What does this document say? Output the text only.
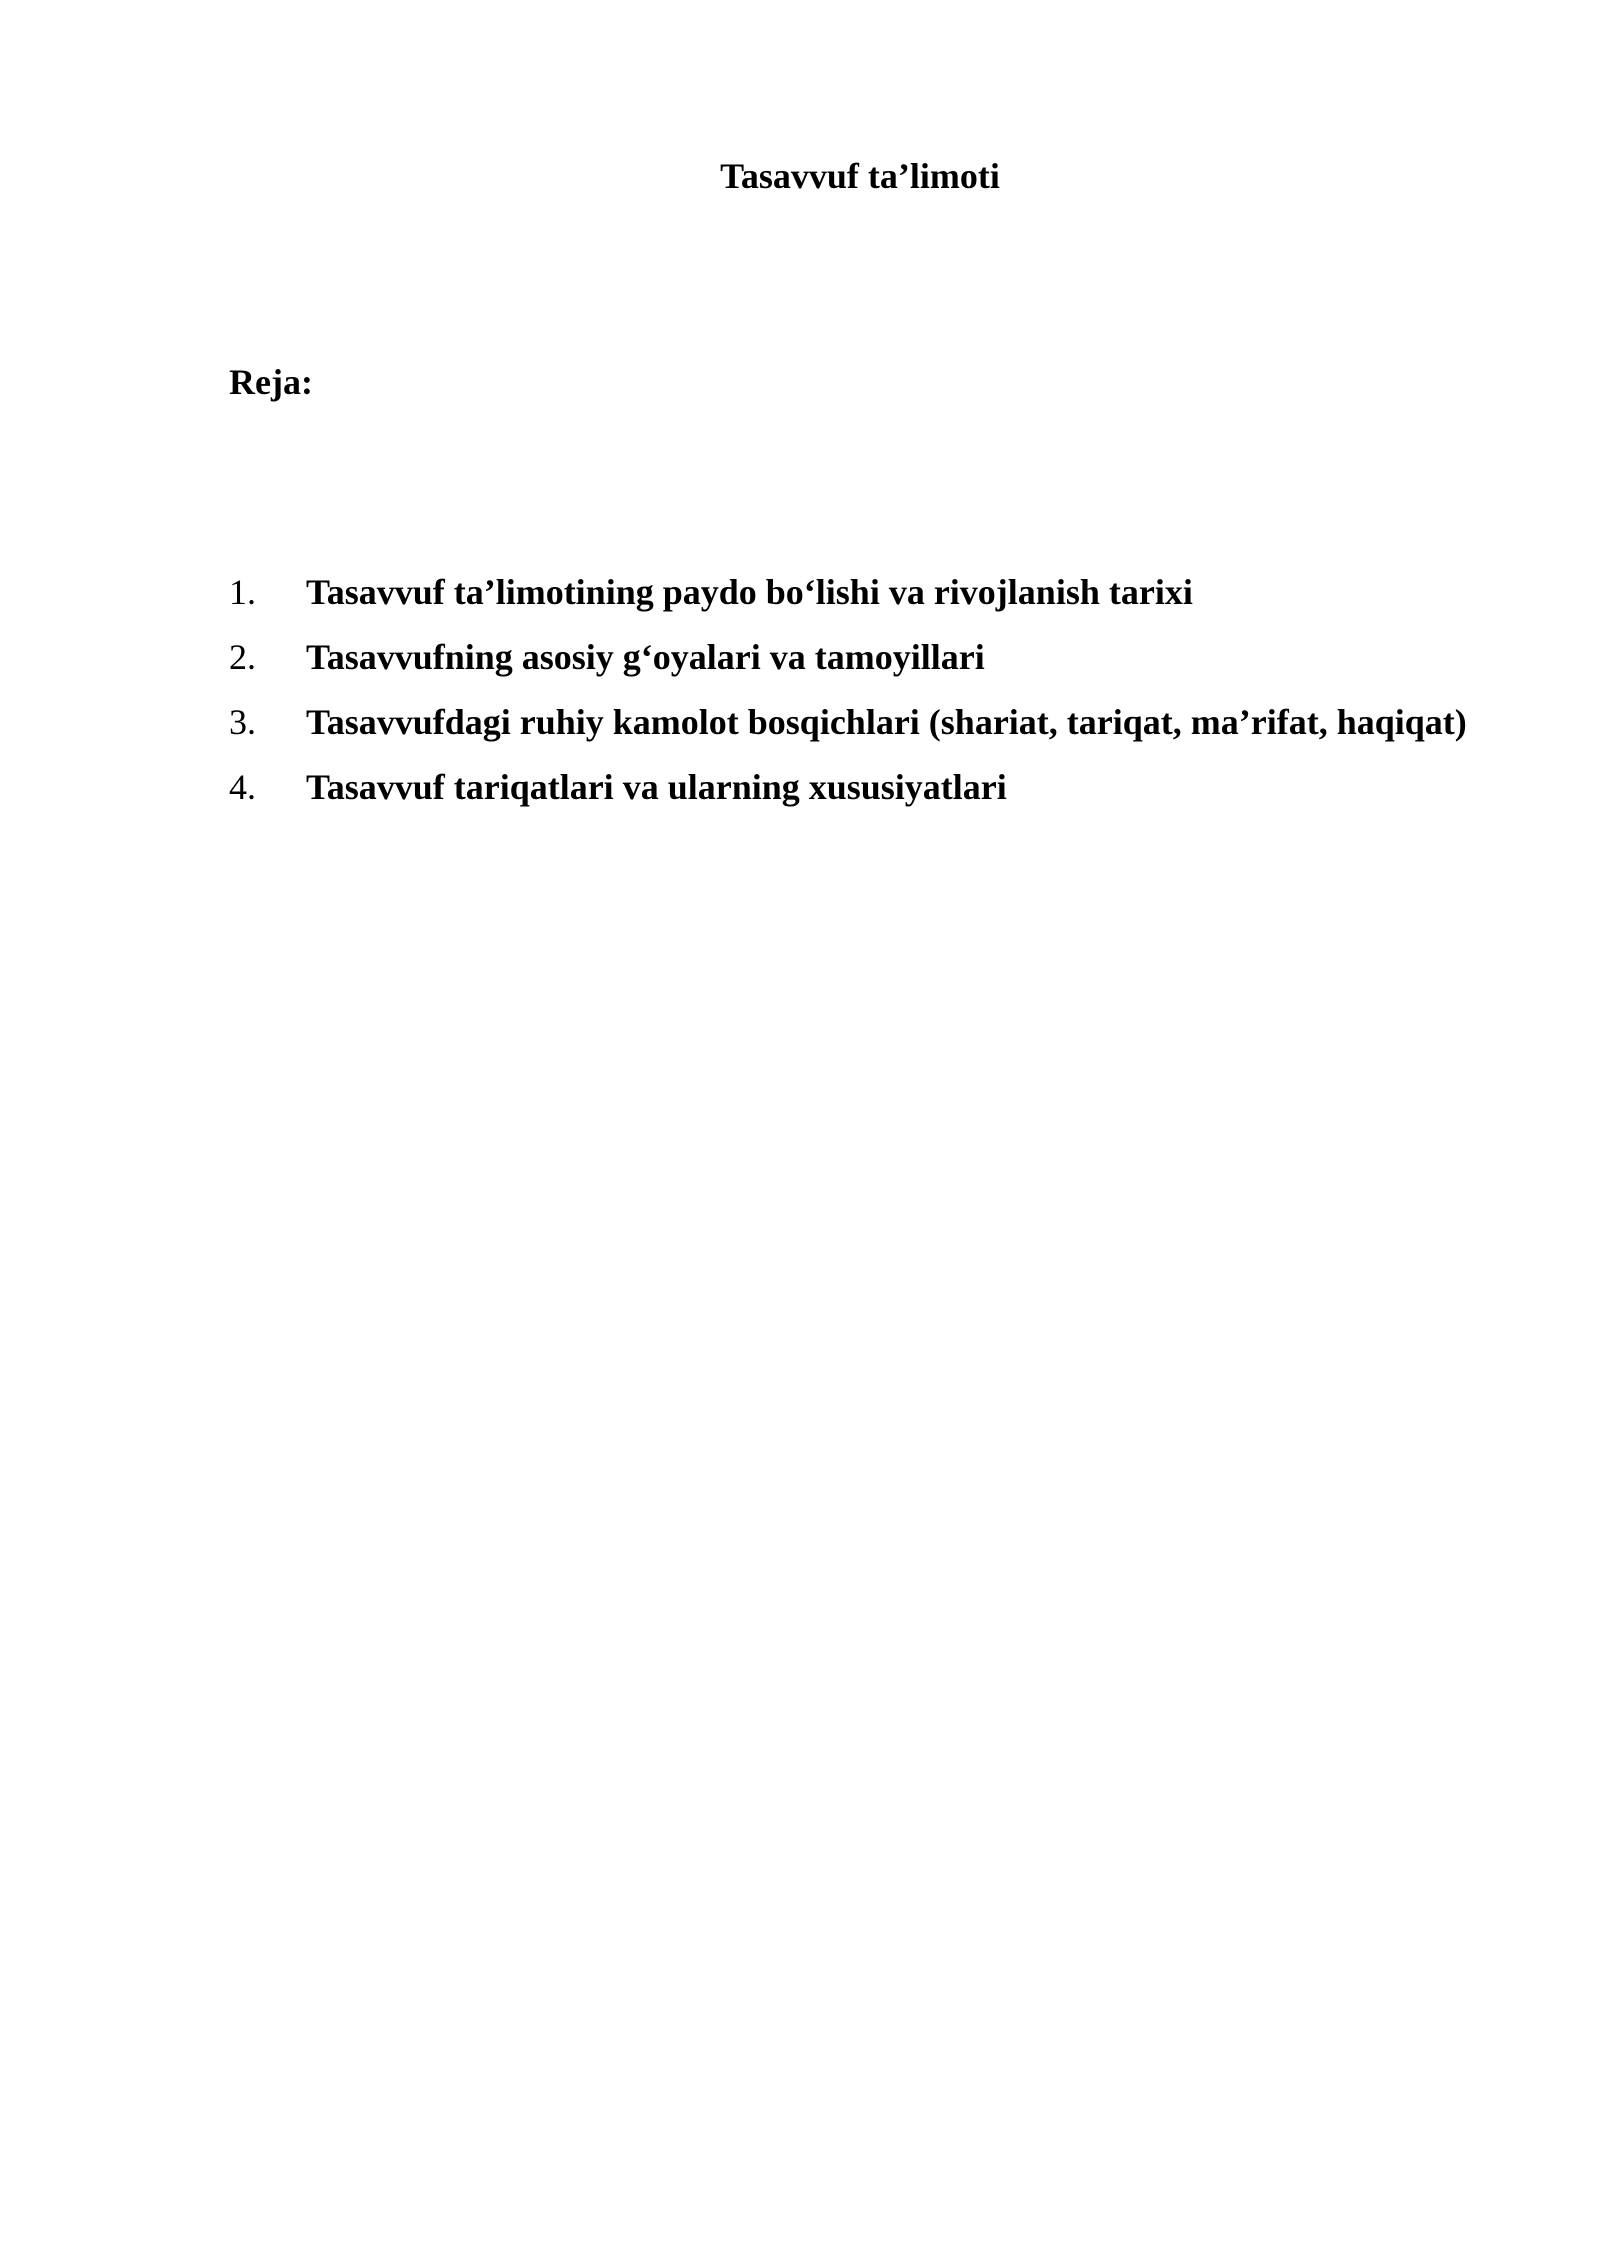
Tasavvuf ta’limoti
Reja:
1.	Tasavvuf ta’limotining paydo bo‘lishi va rivojlanish tarixi
2.	Tasavvufning asosiy g‘oyalari va tamoyillari
3.	Tasavvufdagi ruhiy kamolot bosqichlari (shariat, tariqat, ma’rifat, haqiqat)
4.	Tasavvuf tariqatlari va ularning xususiyatlari
